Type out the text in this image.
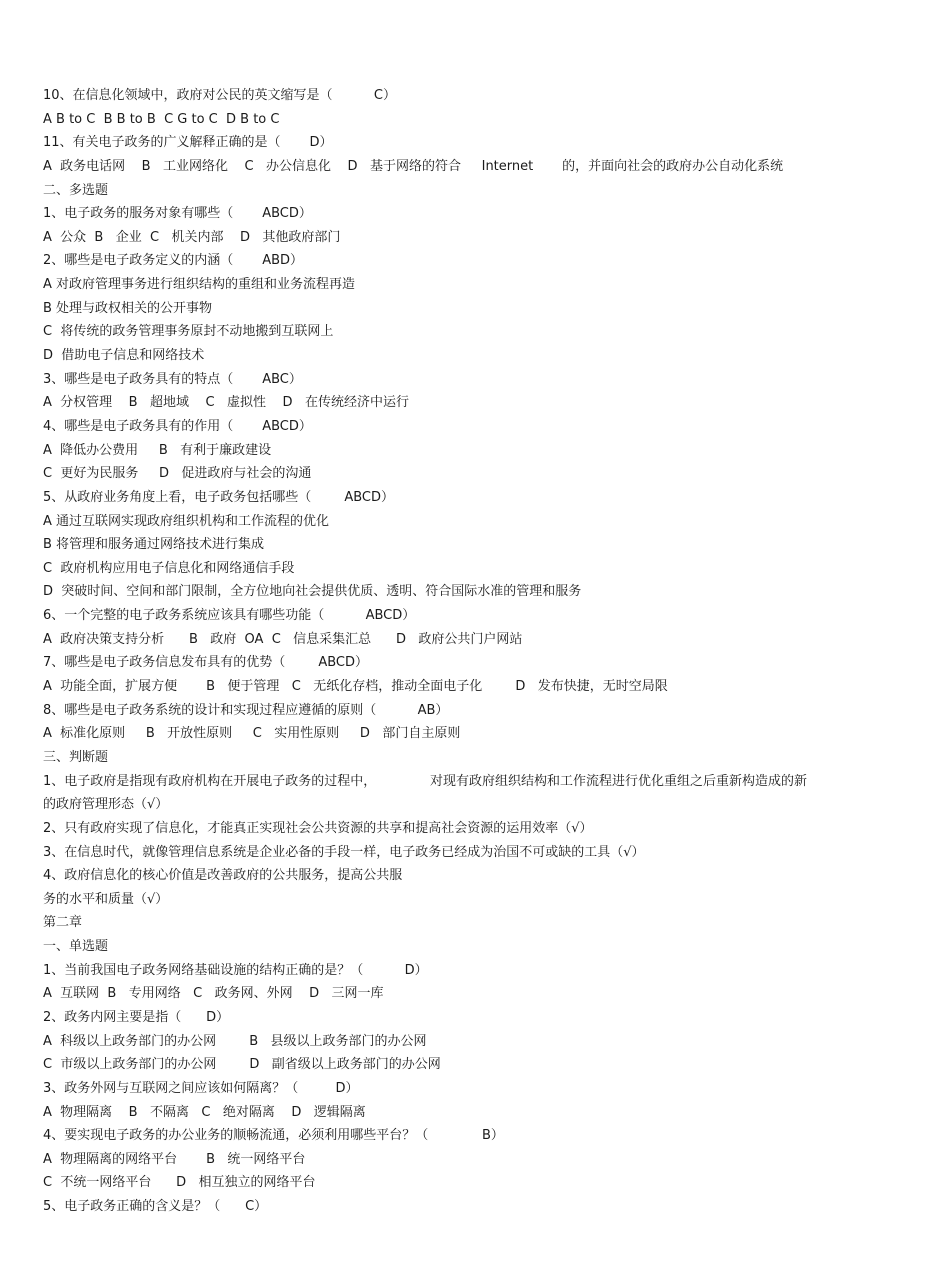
10、在信息化领域中，政府对公民的英文缩写是（          C）
A B to C  B B to B  C G to C  D B to C
11、有关电子政务的广义解释正确的是（       D）
A  政务电话网    B   工业网络化    C   办公信息化    D   基于网络的符合     Internet       的，并面向社会的政府办公自动化系统
二、多选题
1、电子政务的服务对象有哪些（       ABCD）
A  公众  B   企业  C   机关内部    D   其他政府部门
2、哪些是电子政务定义的内涵（       ABD）
A 对政府管理事务进行组织结构的重组和业务流程再造
B 处理与政权相关的公开事物
C  将传统的政务管理事务原封不动地搬到互联网上
D  借助电子信息和网络技术
3、哪些是电子政务具有的特点（       ABC）
A  分权管理    B   超地域    C   虚拟性    D   在传统经济中运行
4、哪些是电子政务具有的作用（       ABCD）
A  降低办公费用     B   有利于廉政建设
C  更好为民服务     D   促进政府与社会的沟通
5、从政府业务角度上看，电子政务包括哪些（        ABCD）
A 通过互联网实现政府组织机构和工作流程的优化
B 将管理和服务通过网络技术进行集成
C  政府机构应用电子信息化和网络通信手段
D  突破时间、空间和部门限制，全方位地向社会提供优质、透明、符合国际水准的管理和服务
6、一个完整的电子政务系统应该具有哪些功能（          ABCD）
A  政府决策支持分析      B   政府  OA  C   信息采集汇总      D   政府公共门户网站
7、哪些是电子政务信息发布具有的优势（        ABCD）
A  功能全面，扩展方便       B   便于管理   C   无纸化存档，推动全面电子化        D   发布快捷，无时空局限
8、哪些是电子政务系统的设计和实现过程应遵循的原则（          AB）
A  标准化原则     B   开放性原则     C   实用性原则     D   部门自主原则
三、判断题
1、电子政府是指现有政府机构在开展电子政务的过程中，             对现有政府组织结构和工作流程进行优化重组之后重新构造成的新
的政府管理形态（√）
2、只有政府实现了信息化，才能真正实现社会公共资源的共享和提高社会资源的运用效率（√）
3、在信息时代，就像管理信息系统是企业必备的手段一样，电子政务已经成为治国不可或缺的工具（√）
4、政府信息化的核心价值是改善政府的公共服务，提高公共服
务的水平和质量（√）
第二章
一、单选题
1、当前我国电子政务网络基础设施的结构正确的是？（          D）
A  互联网  B   专用网络   C   政务网、外网    D   三网一库
2、政务内网主要是指（      D）
A  科级以上政务部门的办公网        B   县级以上政务部门的办公网
C  市级以上政务部门的办公网        D   副省级以上政务部门的办公网
3、政务外网与互联网之间应该如何隔离？（         D）
A  物理隔离    B   不隔离   C   绝对隔离    D   逻辑隔离
4、要实现电子政务的办公业务的顺畅流通，必须利用哪些平台？（             B）
A  物理隔离的网络平台       B   统一网络平台
C  不统一网络平台      D   相互独立的网络平台
5、电子政务正确的含义是？（      C）
